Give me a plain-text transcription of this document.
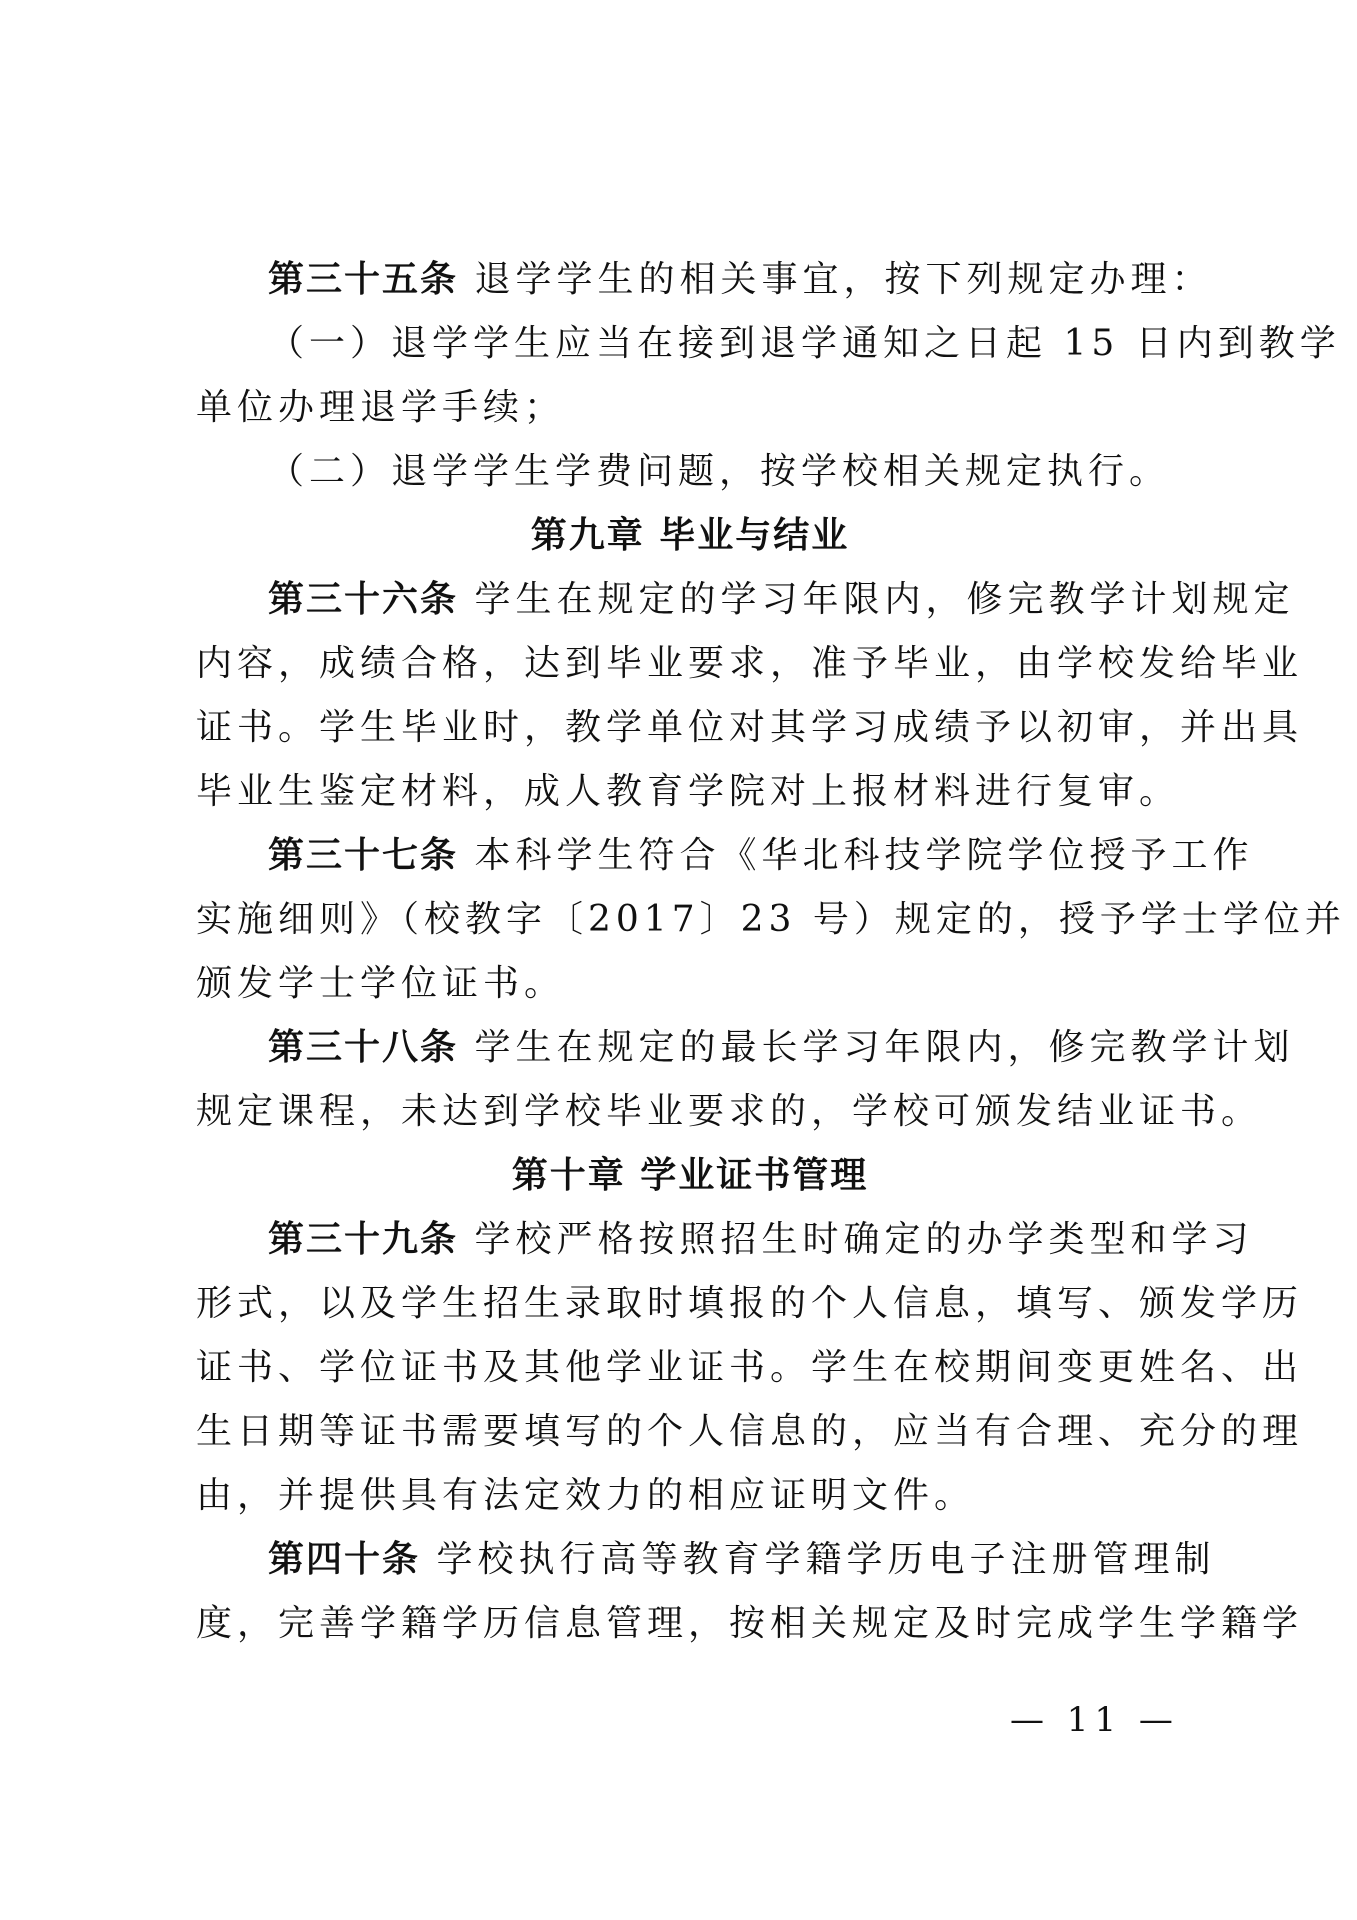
第三十五条 退学学生的相关事宜，按下列规定办理：
（一）退学学生应当在接到退学通知之日起 15 日内到教学
单位办理退学手续；
（二）退学学生学费问题，按学校相关规定执行。
第九章 毕业与结业
第三十六条 学生在规定的学习年限内，修完教学计划规定
内容，成绩合格，达到毕业要求，准予毕业，由学校发给毕业
证书。学生毕业时，教学单位对其学习成绩予以初审，并出具
毕业生鉴定材料，成人教育学院对上报材料进行复审。
第三十七条 本科学生符合《华北科技学院学位授予工作
实施细则》（校教字〔2017〕23 号）规定的，授予学士学位并
颁发学士学位证书。
第三十八条 学生在规定的最长学习年限内，修完教学计划
规定课程，未达到学校毕业要求的，学校可颁发结业证书。
第十章 学业证书管理
第三十九条 学校严格按照招生时确定的办学类型和学习
形式，以及学生招生录取时填报的个人信息，填写、颁发学历
证书、学位证书及其他学业证书。学生在校期间变更姓名、出
生日期等证书需要填写的个人信息的，应当有合理、充分的理
由，并提供具有法定效力的相应证明文件。
第四十条 学校执行高等教育学籍学历电子注册管理制
度，完善学籍学历信息管理，按相关规定及时完成学生学籍学
— 11 —
